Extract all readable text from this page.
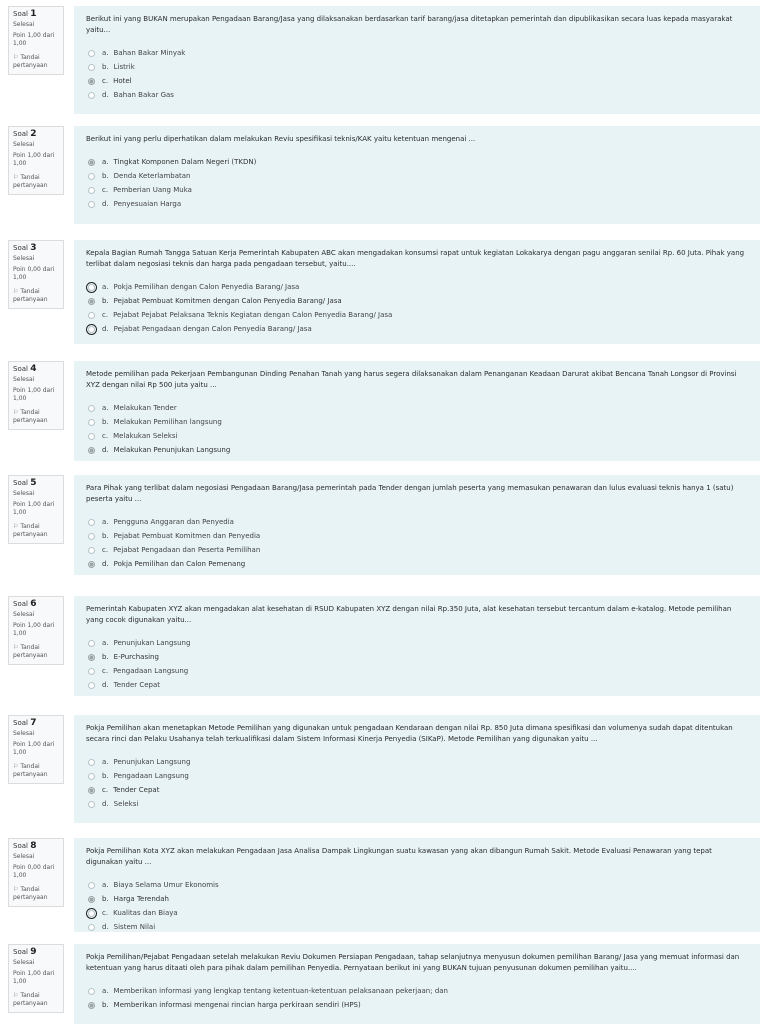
Soal 1
Selesai
Poin 1,00 dari 1,00
⚐ Tandai pertanyaan
Berikut ini yang BUKAN merupakan Pengadaan Barang/Jasa yang dilaksanakan berdasarkan tarif barang/jasa ditetapkan pemerintah dan dipublikasikan secara luas kepada masyarakat yaitu...
a. Bahan Bakar Minyak
b. Listrik
c. Hotel
d. Bahan Bakar Gas
Soal 2
Selesai
Poin 1,00 dari 1,00
⚐ Tandai pertanyaan
Berikut ini yang perlu diperhatikan dalam melakukan Reviu spesifikasi teknis/KAK yaitu ketentuan mengenai ...
a. Tingkat Komponen Dalam Negeri (TKDN)
b. Denda Keterlambatan
c. Pemberian Uang Muka
d. Penyesuaian Harga
Soal 3
Selesai
Poin 0,00 dari 1,00
⚐ Tandai pertanyaan
Kepala Bagian Rumah Tangga Satuan Kerja Pemerintah Kabupaten ABC akan mengadakan konsumsi rapat untuk kegiatan Lokakarya dengan pagu anggaran senilai Rp. 60 Juta. Pihak yang terlibat dalam negosiasi teknis dan harga pada pengadaan tersebut, yaitu....
a. Pokja Pemilihan dengan Calon Penyedia Barang/ Jasa
b. Pejabat Pembuat Komitmen dengan Calon Penyedia Barang/ Jasa
c. Pejabat Pejabat Pelaksana Teknis Kegiatan dengan Calon Penyedia Barang/ Jasa
d. Pejabat Pengadaan dengan Calon Penyedia Barang/ Jasa
Soal 4
Selesai
Poin 1,00 dari 1,00
⚐ Tandai pertanyaan
Metode pemilihan pada Pekerjaan Pembangunan Dinding Penahan Tanah yang harus segera dilaksanakan dalam Penanganan Keadaan Darurat akibat Bencana Tanah Longsor di Provinsi XYZ dengan nilai Rp 500 juta yaitu ...
a. Melakukan Tender
b. Melakukan Pemilihan langsung
c. Melakukan Seleksi
d. Melakukan Penunjukan Langsung
Soal 5
Selesai
Poin 1,00 dari 1,00
⚐ Tandai pertanyaan
Para Pihak yang terlibat dalam negosiasi Pengadaan Barang/Jasa pemerintah pada Tender dengan jumlah peserta yang memasukan penawaran dan lulus evaluasi teknis hanya 1 (satu) peserta yaitu ...
a. Pengguna Anggaran dan Penyedia
b. Pejabat Pembuat Komitmen dan Penyedia
c. Pejabat Pengadaan dan Peserta Pemilihan
d. Pokja Pemilihan dan Calon Pemenang
Soal 6
Selesai
Poin 1,00 dari 1,00
⚐ Tandai pertanyaan
Pemerintah Kabupaten XYZ akan mengadakan alat kesehatan di RSUD Kabupaten XYZ dengan nilai Rp.350 Juta, alat kesehatan tersebut tercantum dalam e-katalog. Metode pemilihan yang cocok digunakan yaitu...
a. Penunjukan Langsung
b. E-Purchasing
c. Pengadaan Langsung
d. Tender Cepat
Soal 7
Selesai
Poin 1,00 dari 1,00
⚐ Tandai pertanyaan
Pokja Pemilihan akan menetapkan Metode Pemilihan yang digunakan untuk pengadaan Kendaraan dengan nilai Rp. 850 Juta dimana spesifikasi dan volumenya sudah dapat ditentukan secara rinci dan Pelaku Usahanya telah terkualifikasi dalam Sistem Informasi Kinerja Penyedia (SIKaP). Metode Pemilihan yang digunakan yaitu ...
a. Penunjukan Langsung
b. Pengadaan Langsung
c. Tender Cepat
d. Seleksi
Soal 8
Selesai
Poin 0,00 dari 1,00
⚐ Tandai pertanyaan
Pokja Pemilihan Kota XYZ akan melakukan Pengadaan Jasa Analisa Dampak Lingkungan suatu kawasan yang akan dibangun Rumah Sakit. Metode Evaluasi Penawaran yang tepat digunakan yaitu ...
a. Biaya Selama Umur Ekonomis
b. Harga Terendah
c. Kualitas dan Biaya
d. Sistem Nilai
Soal 9
Selesai
Poin 1,00 dari 1,00
⚐ Tandai pertanyaan
Pokja Pemilihan/Pejabat Pengadaan setelah melakukan Reviu Dokumen Persiapan Pengadaan, tahap selanjutnya menyusun dokumen pemilihan Barang/ Jasa yang memuat informasi dan ketentuan yang harus ditaati oleh para pihak dalam pemilihan Penyedia. Pernyataan berikut ini yang BUKAN tujuan penyusunan dokumen pemilihan yaitu....
a. Memberikan informasi yang lengkap tentang ketentuan-ketentuan pelaksanaan pekerjaan; dan
b. Memberikan informasi mengenai rincian harga perkiraan sendiri (HPS)
